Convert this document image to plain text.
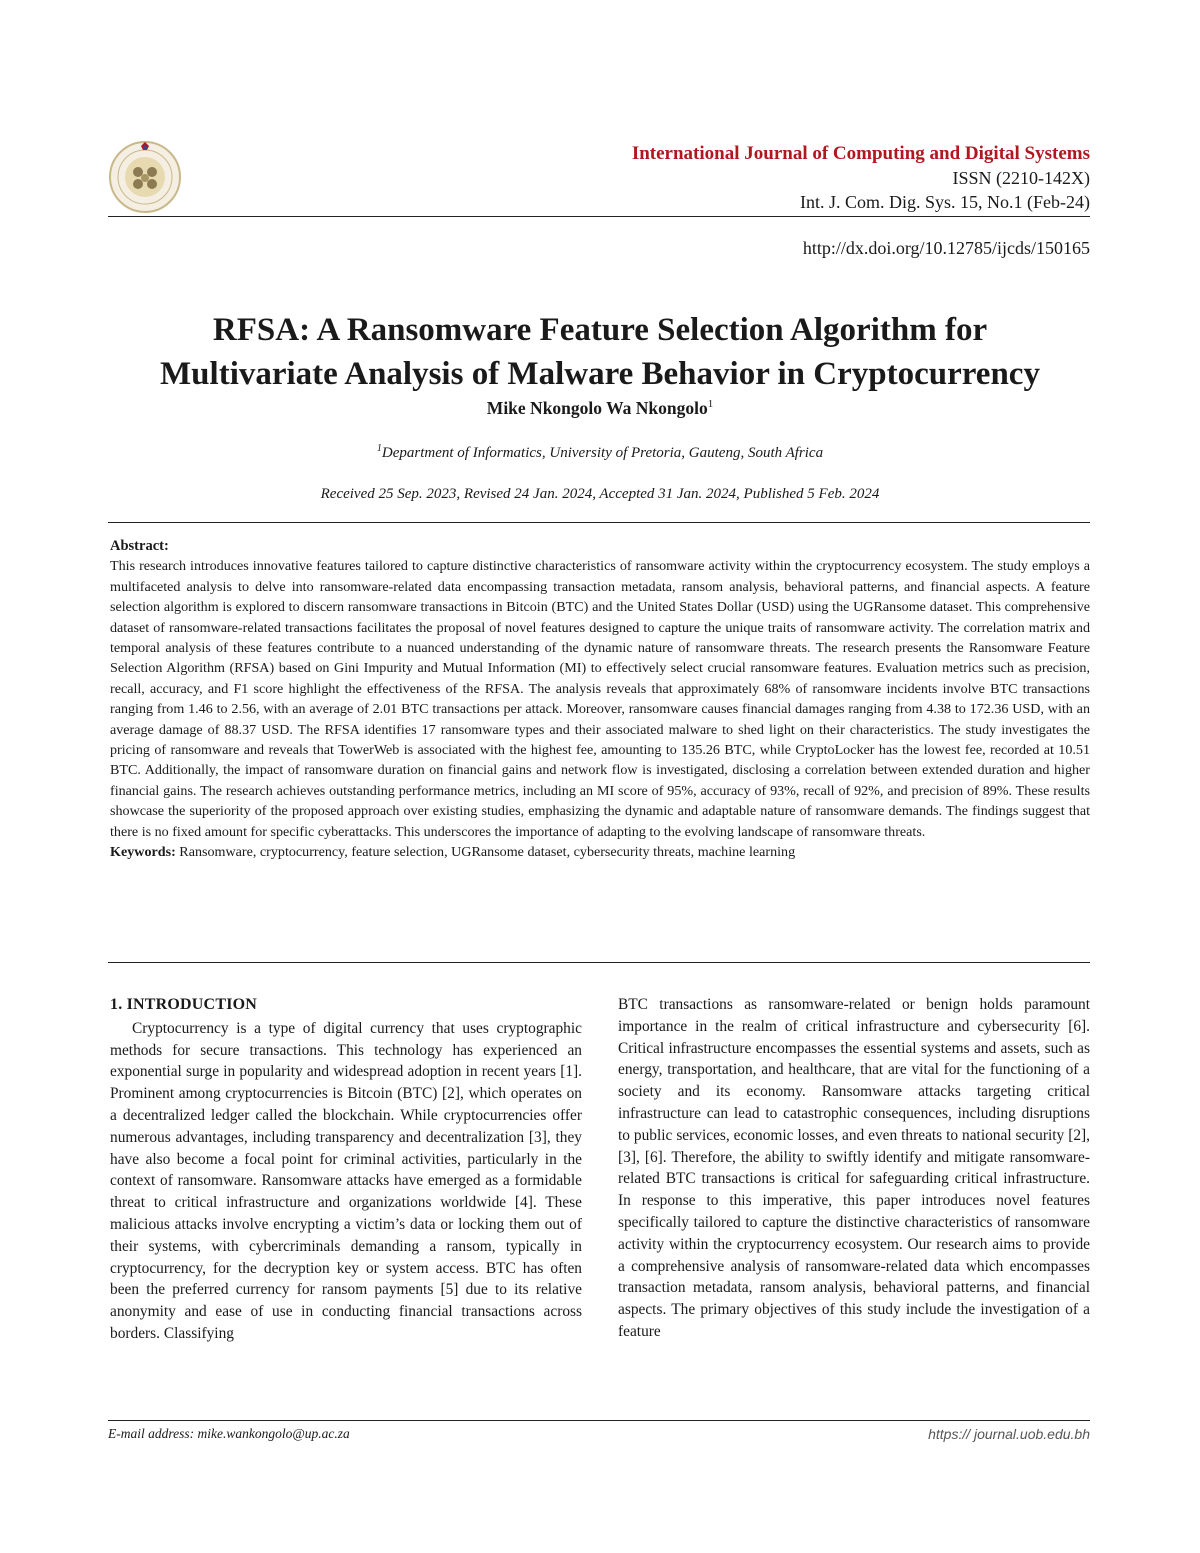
International Journal of Computing and Digital Systems
ISSN (2210-142X)
Int. J. Com. Dig. Sys. 15, No.1 (Feb-24)
http://dx.doi.org/10.12785/ijcds/150165
RFSA: A Ransomware Feature Selection Algorithm for
Multivariate Analysis of Malware Behavior in Cryptocurrency
Mike Nkongolo Wa Nkongolo$^1$
$^1$Department of Informatics, University of Pretoria, Gauteng, South Africa
Received 25 Sep. 2023, Revised 24 Jan. 2024, Accepted 31 Jan. 2024, Published 5 Feb. 2024
Abstract:
This research introduces innovative features tailored to capture distinctive characteristics of ransomware activity within the cryptocurrency ecosystem. The study employs a multifaceted analysis to delve into ransomware-related data encompassing transaction metadata, ransom analysis, behavioral patterns, and financial aspects. A feature selection algorithm is explored to discern ransomware transactions in Bitcoin (BTC) and the United States Dollar (USD) using the UGRansome dataset. This comprehensive dataset of ransomware-related transactions facilitates the proposal of novel features designed to capture the unique traits of ransomware activity. The correlation matrix and temporal analysis of these features contribute to a nuanced understanding of the dynamic nature of ransomware threats. The research presents the Ransomware Feature Selection Algorithm (RFSA) based on Gini Impurity and Mutual Information (MI) to effectively select crucial ransomware features. Evaluation metrics such as precision, recall, accuracy, and F1 score highlight the effectiveness of the RFSA. The analysis reveals that approximately 68% of ransomware incidents involve BTC transactions ranging from 1.46 to 2.56, with an average of 2.01 BTC transactions per attack. Moreover, ransomware causes financial damages ranging from 4.38 to 172.36 USD, with an average damage of 88.37 USD. The RFSA identifies 17 ransomware types and their associated malware to shed light on their characteristics. The study investigates the pricing of ransomware and reveals that TowerWeb is associated with the highest fee, amounting to 135.26 BTC, while CryptoLocker has the lowest fee, recorded at 10.51 BTC. Additionally, the impact of ransomware duration on financial gains and network flow is investigated, disclosing a correlation between extended duration and higher financial gains. The research achieves outstanding performance metrics, including an MI score of 95%, accuracy of 93%, recall of 92%, and precision of 89%. These results showcase the superiority of the proposed approach over existing studies, emphasizing the dynamic and adaptable nature of ransomware demands. The findings suggest that there is no fixed amount for specific cyberattacks. This underscores the importance of adapting to the evolving landscape of ransomware threats.
Keywords: Ransomware, cryptocurrency, feature selection, UGRansome dataset, cybersecurity threats, machine learning
1. INTRODUCTION

Cryptocurrency is a type of digital currency that uses cryptographic methods for secure transactions. This technology has experienced an exponential surge in popularity and widespread adoption in recent years [1]. Prominent among cryptocurrencies is Bitcoin (BTC) [2], which operates on a decentralized ledger called the blockchain. While cryptocurrencies offer numerous advantages, including transparency and decentralization [3], they have also become a focal point for criminal activities, particularly in the context of ransomware. Ransomware attacks have emerged as a formidable threat to critical infrastructure and organizations worldwide [4]. These malicious attacks involve encrypting a victim’s data or locking them out of their systems, with cybercriminals demanding a ransom, typically in cryptocurrency, for the decryption key or system access. BTC has often been the preferred currency for ransom payments [5] due to its relative anonymity and ease of use in conducting financial transactions across borders. Classifying

BTC transactions as ransomware-related or benign holds paramount importance in the realm of critical infrastructure and cybersecurity [6]. Critical infrastructure encompasses the essential systems and assets, such as energy, transportation, and healthcare, that are vital for the functioning of a society and its economy. Ransomware attacks targeting critical infrastructure can lead to catastrophic consequences, including disruptions to public services, economic losses, and even threats to national security [2], [3], [6]. Therefore, the ability to swiftly identify and mitigate ransomware-related BTC transactions is critical for safeguarding critical infrastructure. In response to this imperative, this paper introduces novel features specifically tailored to capture the distinctive characteristics of ransomware activity within the cryptocurrency ecosystem. Our research aims to provide a comprehensive analysis of ransomware-related data which encompasses transaction metadata, ransom analysis, behavioral patterns, and financial aspects. The primary objectives of this study include the investigation of a feature

E-mail address: mike.wankongolo@up.ac.za	https:// journal.uob.edu.bh
